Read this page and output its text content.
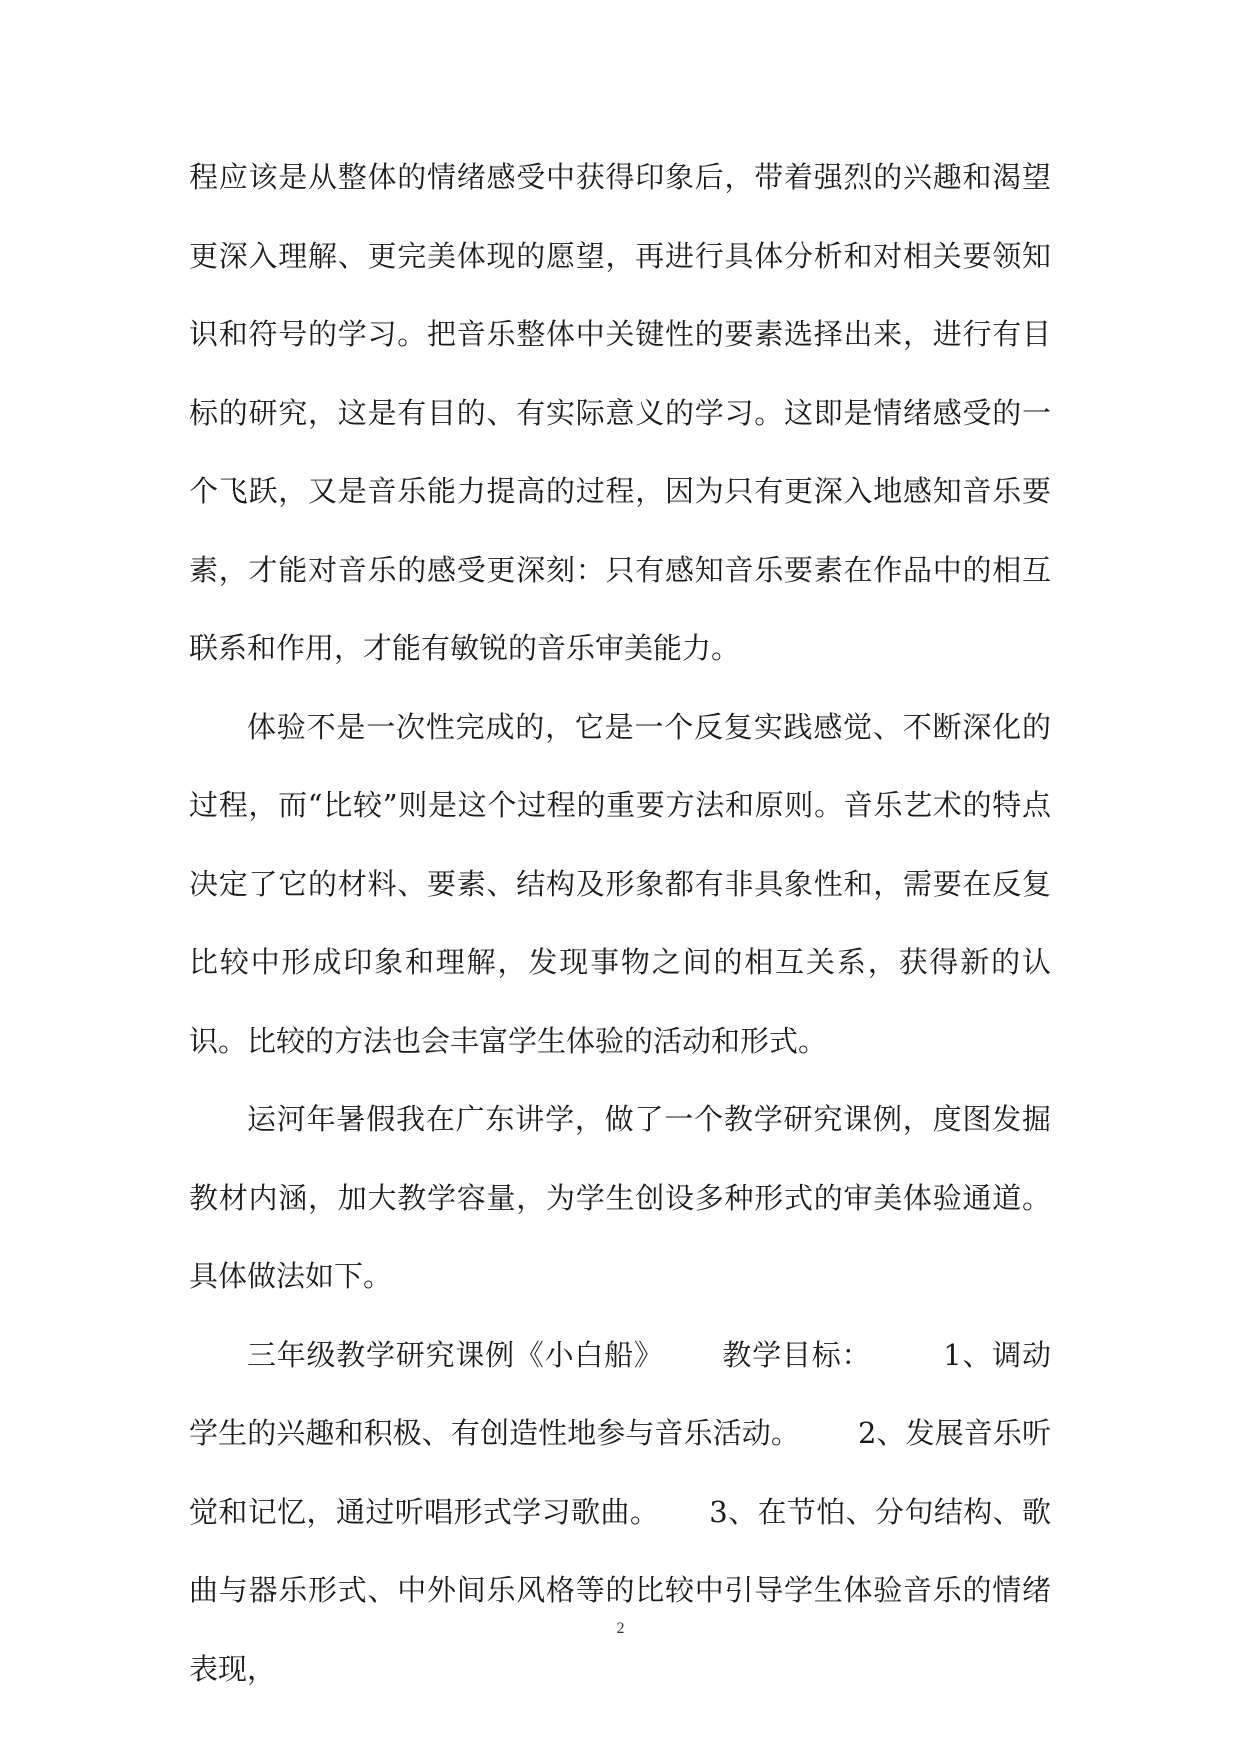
程应该是从整体的情绪感受中获得印象后，带着强烈的兴趣和渴望更深入理解、更完美体现的愿望，再进行具体分析和对相关要领知识和符号的学习。把音乐整体中关键性的要素选择出来，进行有目标的研究，这是有目的、有实际意义的学习。这即是情绪感受的一个飞跃，又是音乐能力提高的过程，因为只有更深入地感知音乐要素，才能对音乐的感受更深刻：只有感知音乐要素在作品中的相互联系和作用，才能有敏锐的音乐审美能力。

体验不是一次性完成的，它是一个反复实践感觉、不断深化的过程，而“比较”则是这个过程的重要方法和原则。音乐艺术的特点决定了它的材料、要素、结构及形象都有非具象性和，需要在反复比较中形成印象和理解，发现事物之间的相互关系，获得新的认识。比较的方法也会丰富学生体验的活动和形式。

运河年暑假我在广东讲学，做了一个教学研究课例，度图发掘教材内涵，加大教学容量，为学生创设多种形式的审美体验通道。具体做法如下。

三年级教学研究课例《小白船》 教学目标： 1、调动学生的兴趣和积极、有创造性地参与音乐活动。 2、发展音乐听觉和记忆，通过听唱形式学习歌曲。 3、在节怕、分句结构、歌曲与器乐形式、中外间乐风格等的比较中引导学生体验音乐的情绪表现，

2
